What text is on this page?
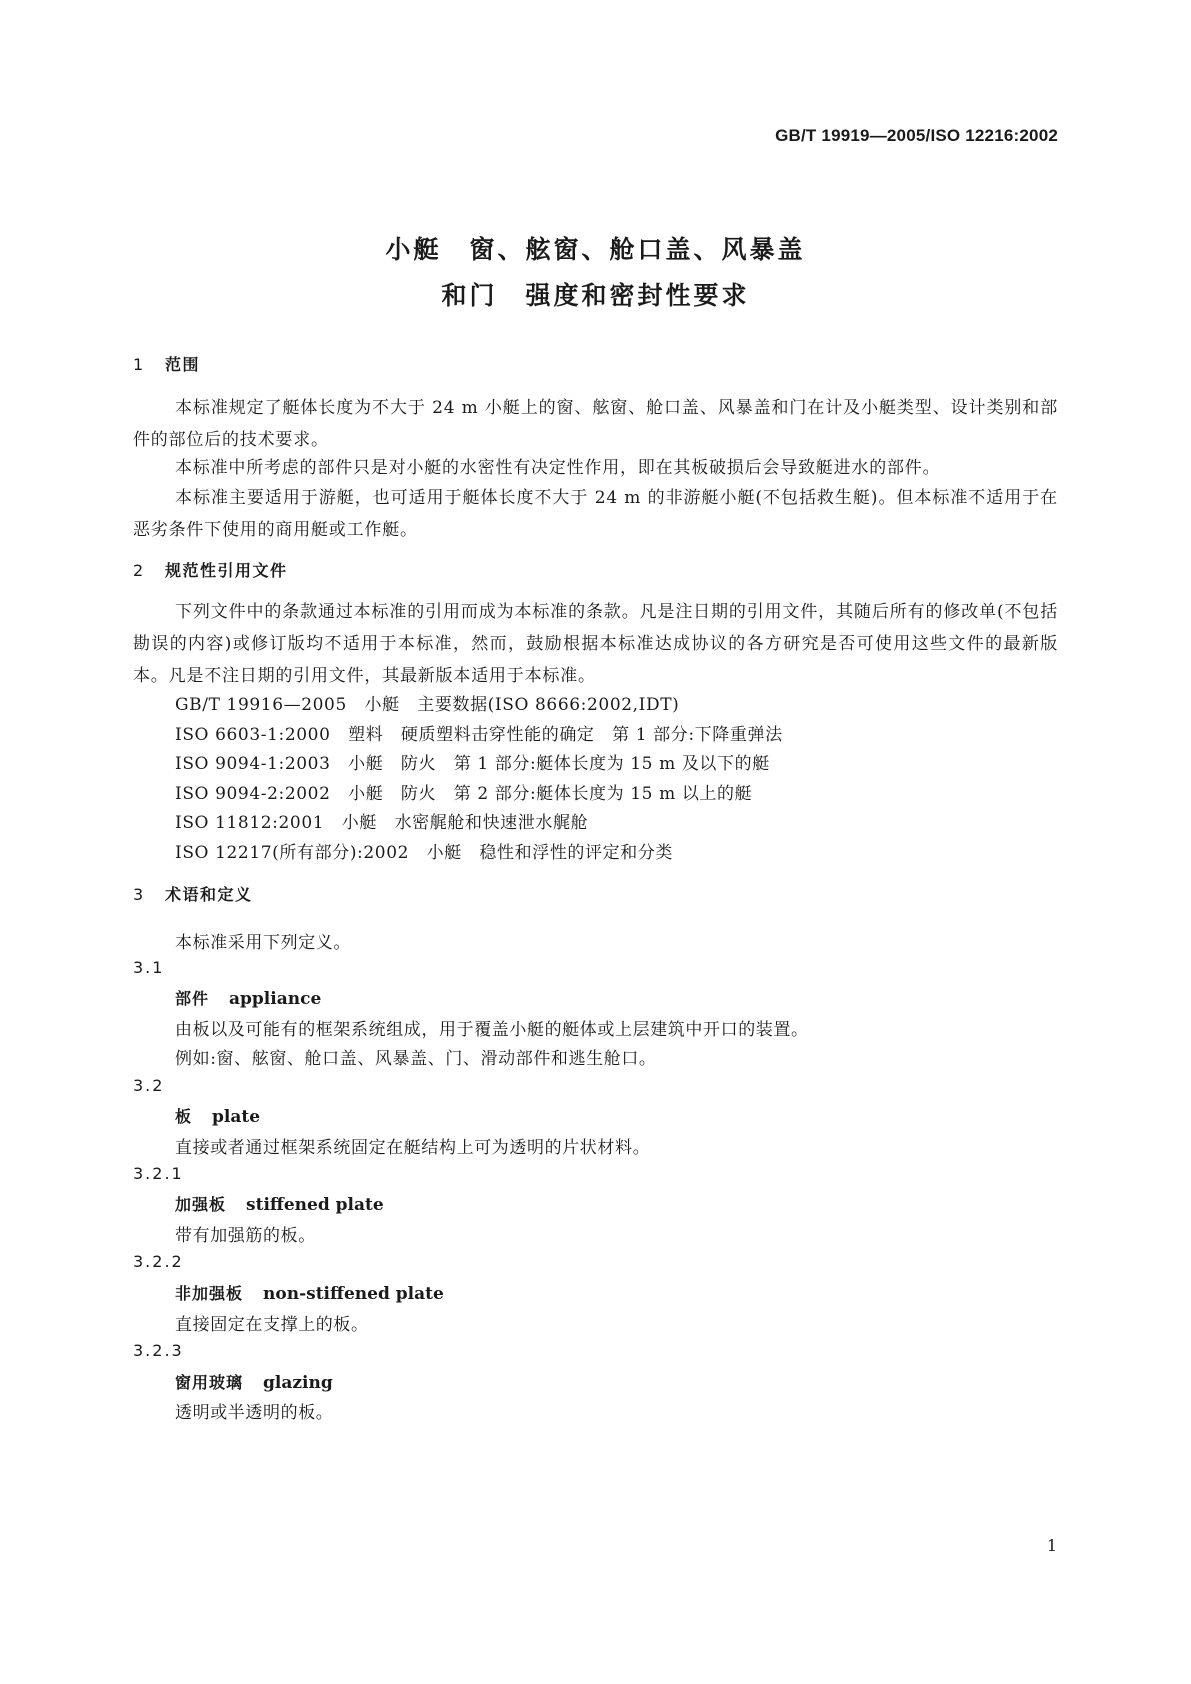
GB/T 19919—2005/ISO 12216:2002
小艇　窗、舷窗、舱口盖、风暴盖
和门　强度和密封性要求
1 范围
本标准规定了艇体长度为不大于 24 m 小艇上的窗、舷窗、舱口盖、风暴盖和门在计及小艇类型、设计类别和部件的部位后的技术要求。
本标准中所考虑的部件只是对小艇的水密性有决定性作用，即在其板破损后会导致艇进水的部件。
本标准主要适用于游艇，也可适用于艇体长度不大于 24 m 的非游艇小艇(不包括救生艇)。但本标准不适用于在恶劣条件下使用的商用艇或工作艇。
2 规范性引用文件
下列文件中的条款通过本标准的引用而成为本标准的条款。凡是注日期的引用文件，其随后所有的修改单(不包括勘误的内容)或修订版均不适用于本标准，然而，鼓励根据本标准达成协议的各方研究是否可使用这些文件的最新版本。凡是不注日期的引用文件，其最新版本适用于本标准。
GB/T 19916—2005　小艇　主要数据(ISO 8666:2002,IDT)
ISO 6603-1:2000　塑料　硬质塑料击穿性能的确定　第 1 部分:下降重弹法
ISO 9094-1:2003　小艇　防火　第 1 部分:艇体长度为 15 m 及以下的艇
ISO 9094-2:2002　小艇　防火　第 2 部分:艇体长度为 15 m 以上的艇
ISO 11812:2001　小艇　水密艉舱和快速泄水艉舱
ISO 12217(所有部分):2002　小艇　稳性和浮性的评定和分类
3 术语和定义
本标准采用下列定义。
3.1
部件 appliance
由板以及可能有的框架系统组成，用于覆盖小艇的艇体或上层建筑中开口的装置。
例如:窗、舷窗、舱口盖、风暴盖、门、滑动部件和逃生舱口。
3.2
板 plate
直接或者通过框架系统固定在艇结构上可为透明的片状材料。
3.2.1
加强板 stiffened plate
带有加强筋的板。
3.2.2
非加强板 non-stiffened plate
直接固定在支撑上的板。
3.2.3
窗用玻璃 glazing
透明或半透明的板。
1
